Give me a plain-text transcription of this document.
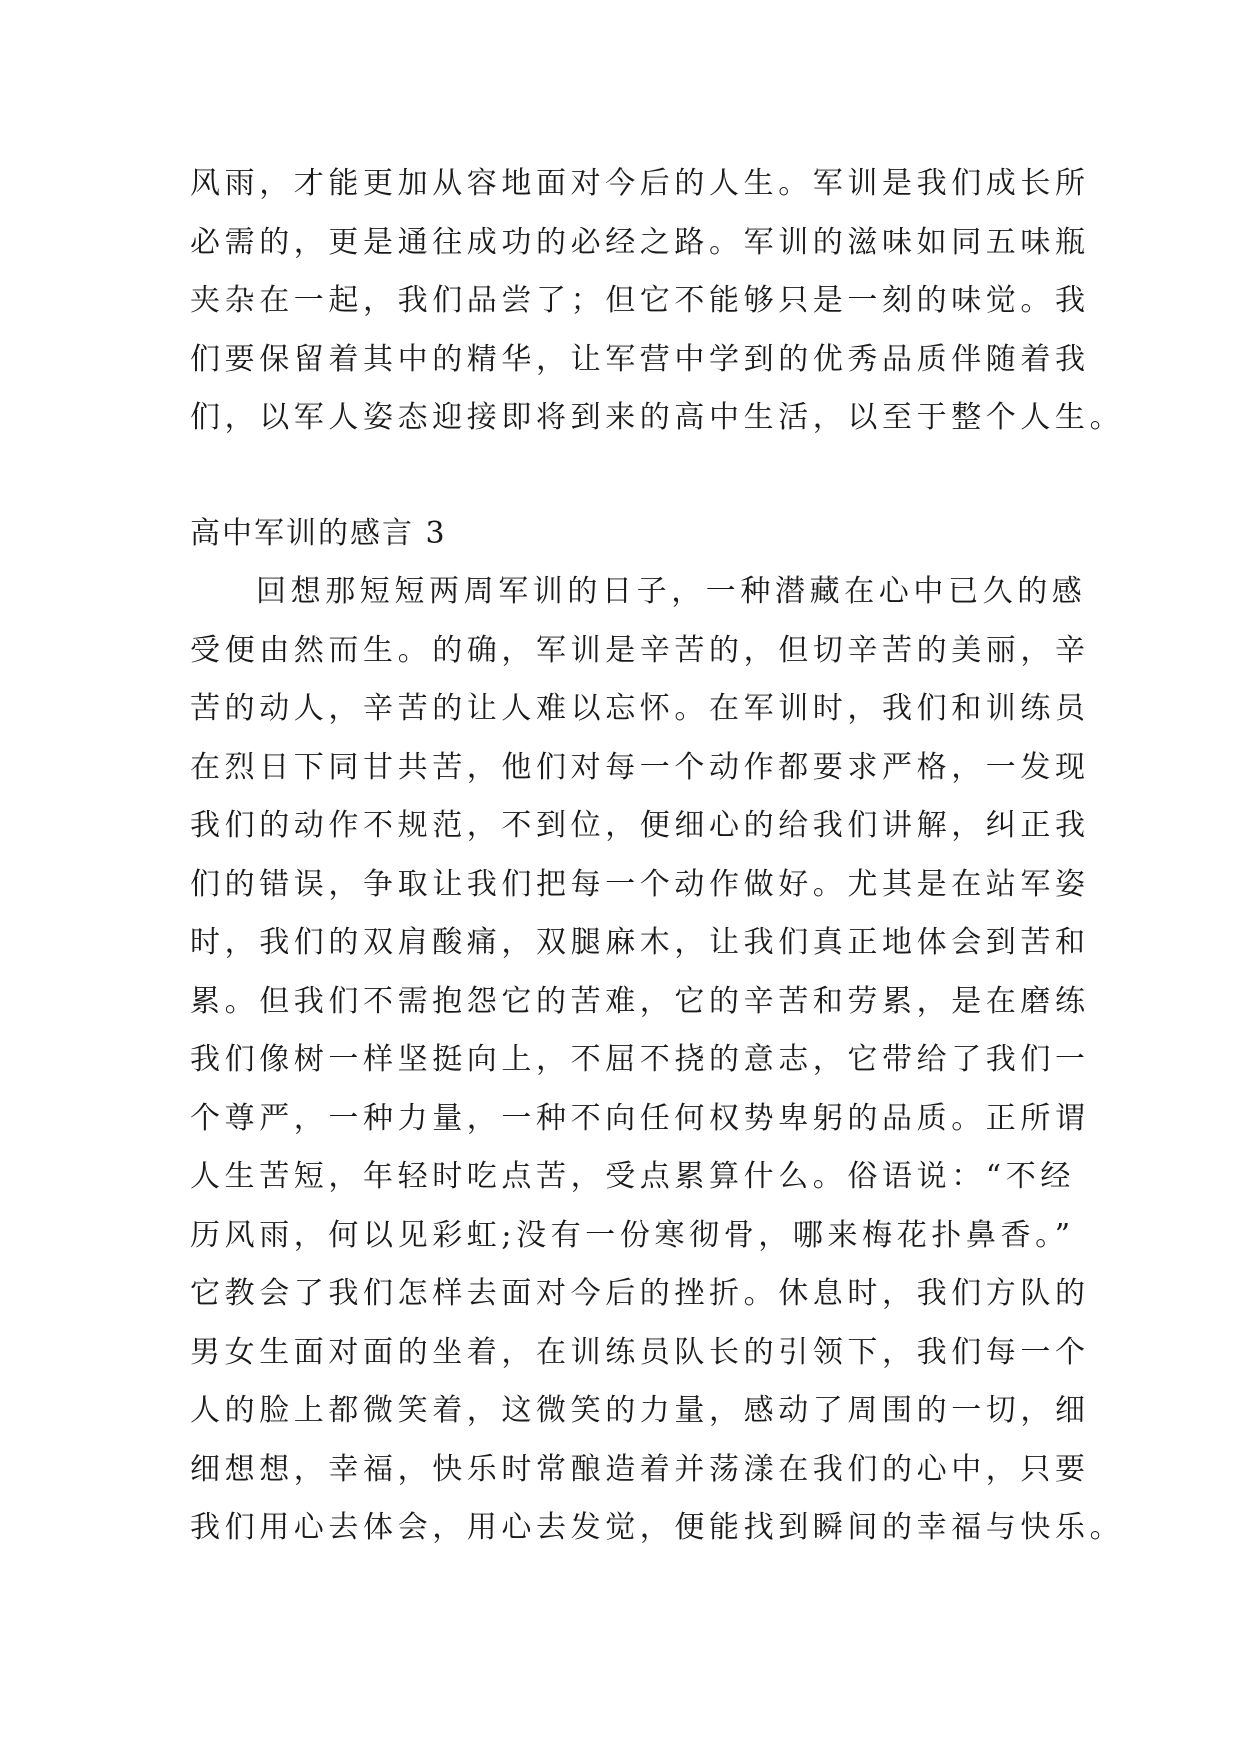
风雨，才能更加从容地面对今后的人生。军训是我们成长所
必需的，更是通往成功的必经之路。军训的滋味如同五味瓶
夹杂在一起，我们品尝了；但它不能够只是一刻的味觉。我
们要保留着其中的精华，让军营中学到的优秀品质伴随着我
们，以军人姿态迎接即将到来的高中生活，以至于整个人生。
高中军训的感言 3
回想那短短两周军训的日子，一种潜藏在心中已久的感
受便由然而生。的确，军训是辛苦的，但切辛苦的美丽，辛
苦的动人，辛苦的让人难以忘怀。在军训时，我们和训练员
在烈日下同甘共苦，他们对每一个动作都要求严格，一发现
我们的动作不规范，不到位，便细心的给我们讲解，纠正我
们的错误，争取让我们把每一个动作做好。尤其是在站军姿
时，我们的双肩酸痛，双腿麻木，让我们真正地体会到苦和
累。但我们不需抱怨它的苦难，它的辛苦和劳累，是在磨练
我们像树一样坚挺向上，不屈不挠的意志，它带给了我们一
个尊严，一种力量，一种不向任何权势卑躬的品质。正所谓
人生苦短，年轻时吃点苦，受点累算什么。俗语说：“不经
历风雨，何以见彩虹;没有一份寒彻骨，哪来梅花扑鼻香。”
它教会了我们怎样去面对今后的挫折。休息时，我们方队的
男女生面对面的坐着，在训练员队长的引领下，我们每一个
人的脸上都微笑着，这微笑的力量，感动了周围的一切，细
细想想，幸福，快乐时常酿造着并荡漾在我们的心中，只要
我们用心去体会，用心去发觉，便能找到瞬间的幸福与快乐。
